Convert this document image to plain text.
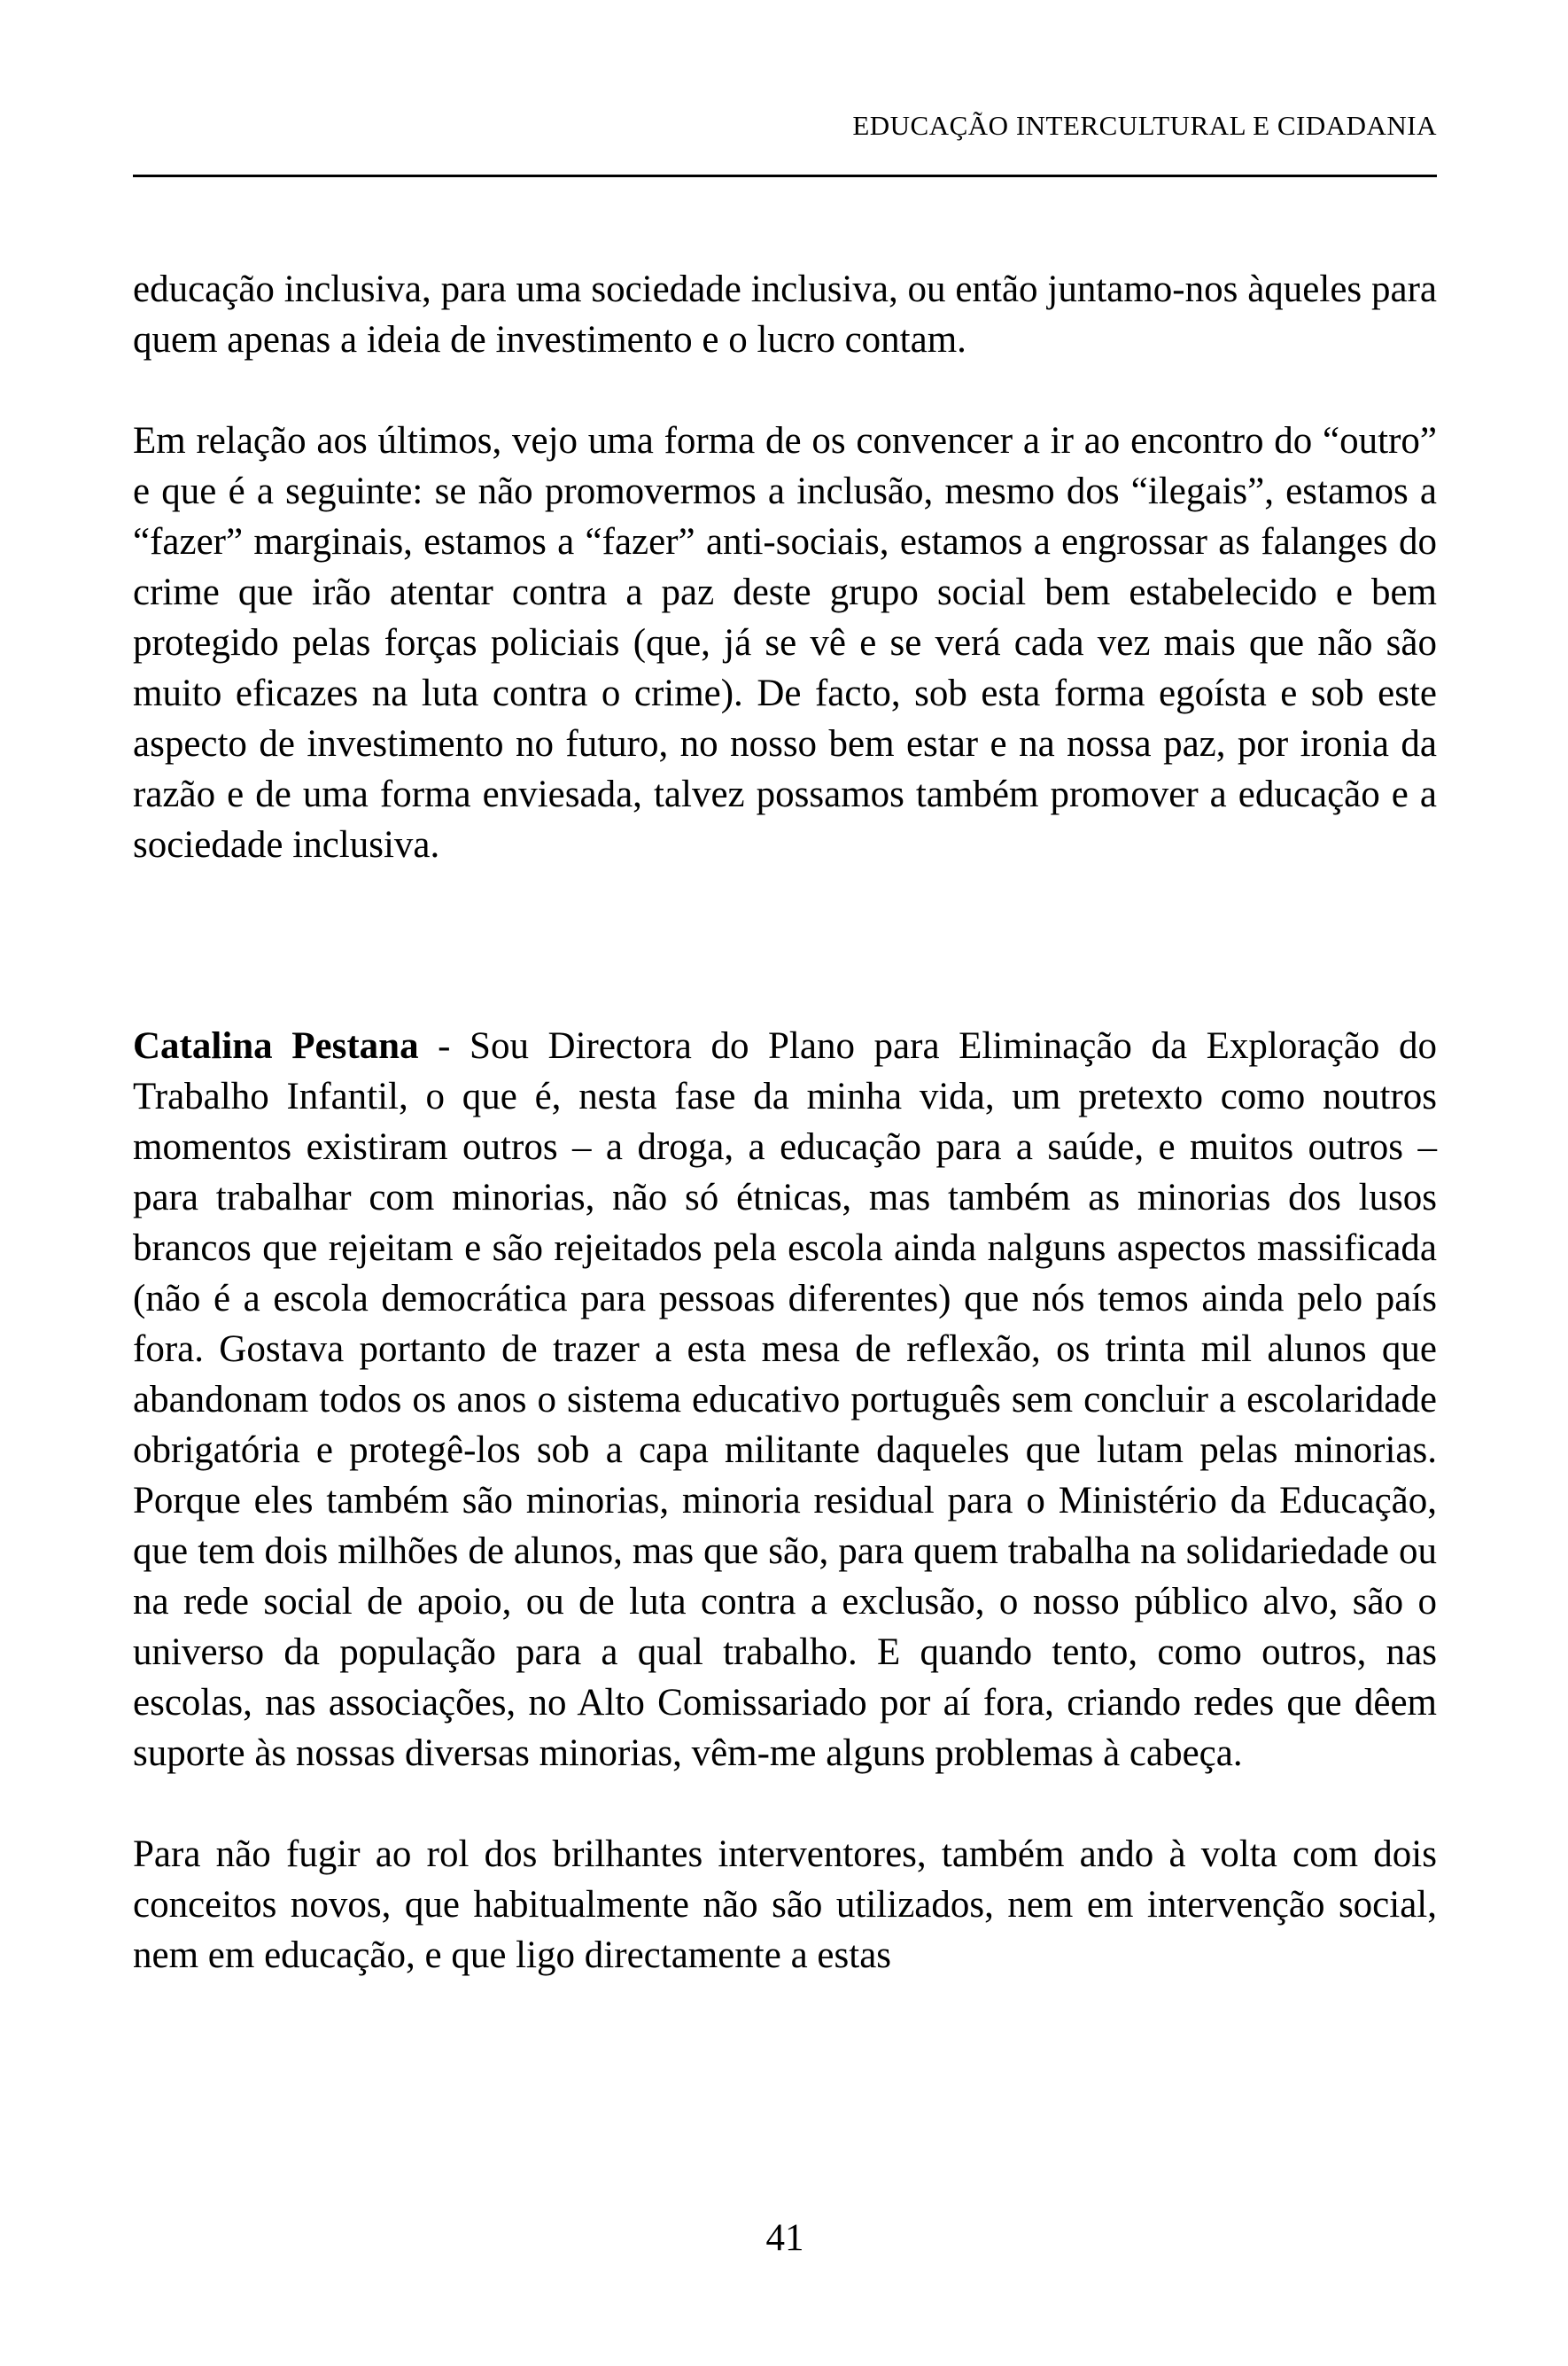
EDUCAÇÃO INTERCULTURAL E CIDADANIA

educação inclusiva, para uma sociedade inclusiva, ou então juntamo-nos àqueles para quem apenas a ideia de investimento e o lucro contam.

Em relação aos últimos, vejo uma forma de os convencer a ir ao encontro do “outro” e que é a seguinte: se não promovermos a inclusão, mesmo dos “ilegais”, estamos a “fazer” marginais, estamos a “fazer” anti-sociais, estamos a engrossar as falanges do crime que irão atentar contra a paz deste grupo social bem estabelecido e bem protegido pelas forças policiais (que, já se vê e se verá cada vez mais que não são muito eficazes na luta contra o crime). De facto, sob esta forma egoísta e sob este aspecto de investimento no futuro, no nosso bem estar e na nossa paz, por ironia da razão e de uma forma enviesada, talvez possamos também promover a educação e a sociedade inclusiva.

Catalina Pestana - Sou Directora do Plano para Eliminação da Exploração do Trabalho Infantil, o que é, nesta fase da minha vida, um pretexto como noutros momentos existiram outros – a droga, a educação para a saúde, e muitos outros – para trabalhar com minorias, não só étnicas, mas também as minorias dos lusos brancos que rejeitam e são rejeitados pela escola ainda nalguns aspectos massificada (não é a escola democrática para pessoas diferentes) que nós temos ainda pelo país fora. Gostava portanto de trazer a esta mesa de reflexão, os trinta mil alunos que abandonam todos os anos o sistema educativo português sem concluir a escolaridade obrigatória e protegê-los sob a capa militante daqueles que lutam pelas minorias. Porque eles também são minorias, minoria residual para o Ministério da Educação, que tem dois milhões de alunos, mas que são, para quem trabalha na solidariedade ou na rede social de apoio, ou de luta contra a exclusão, o nosso público alvo, são o universo da população para a qual trabalho. E quando tento, como outros, nas escolas, nas associações, no Alto Comissariado por aí fora, criando redes que dêem suporte às nossas diversas minorias, vêm-me alguns problemas à cabeça.

Para não fugir ao rol dos brilhantes interventores, também ando à volta com dois conceitos novos, que habitualmente não são utilizados, nem em intervenção social, nem em educação, e que ligo directamente a estas

41
